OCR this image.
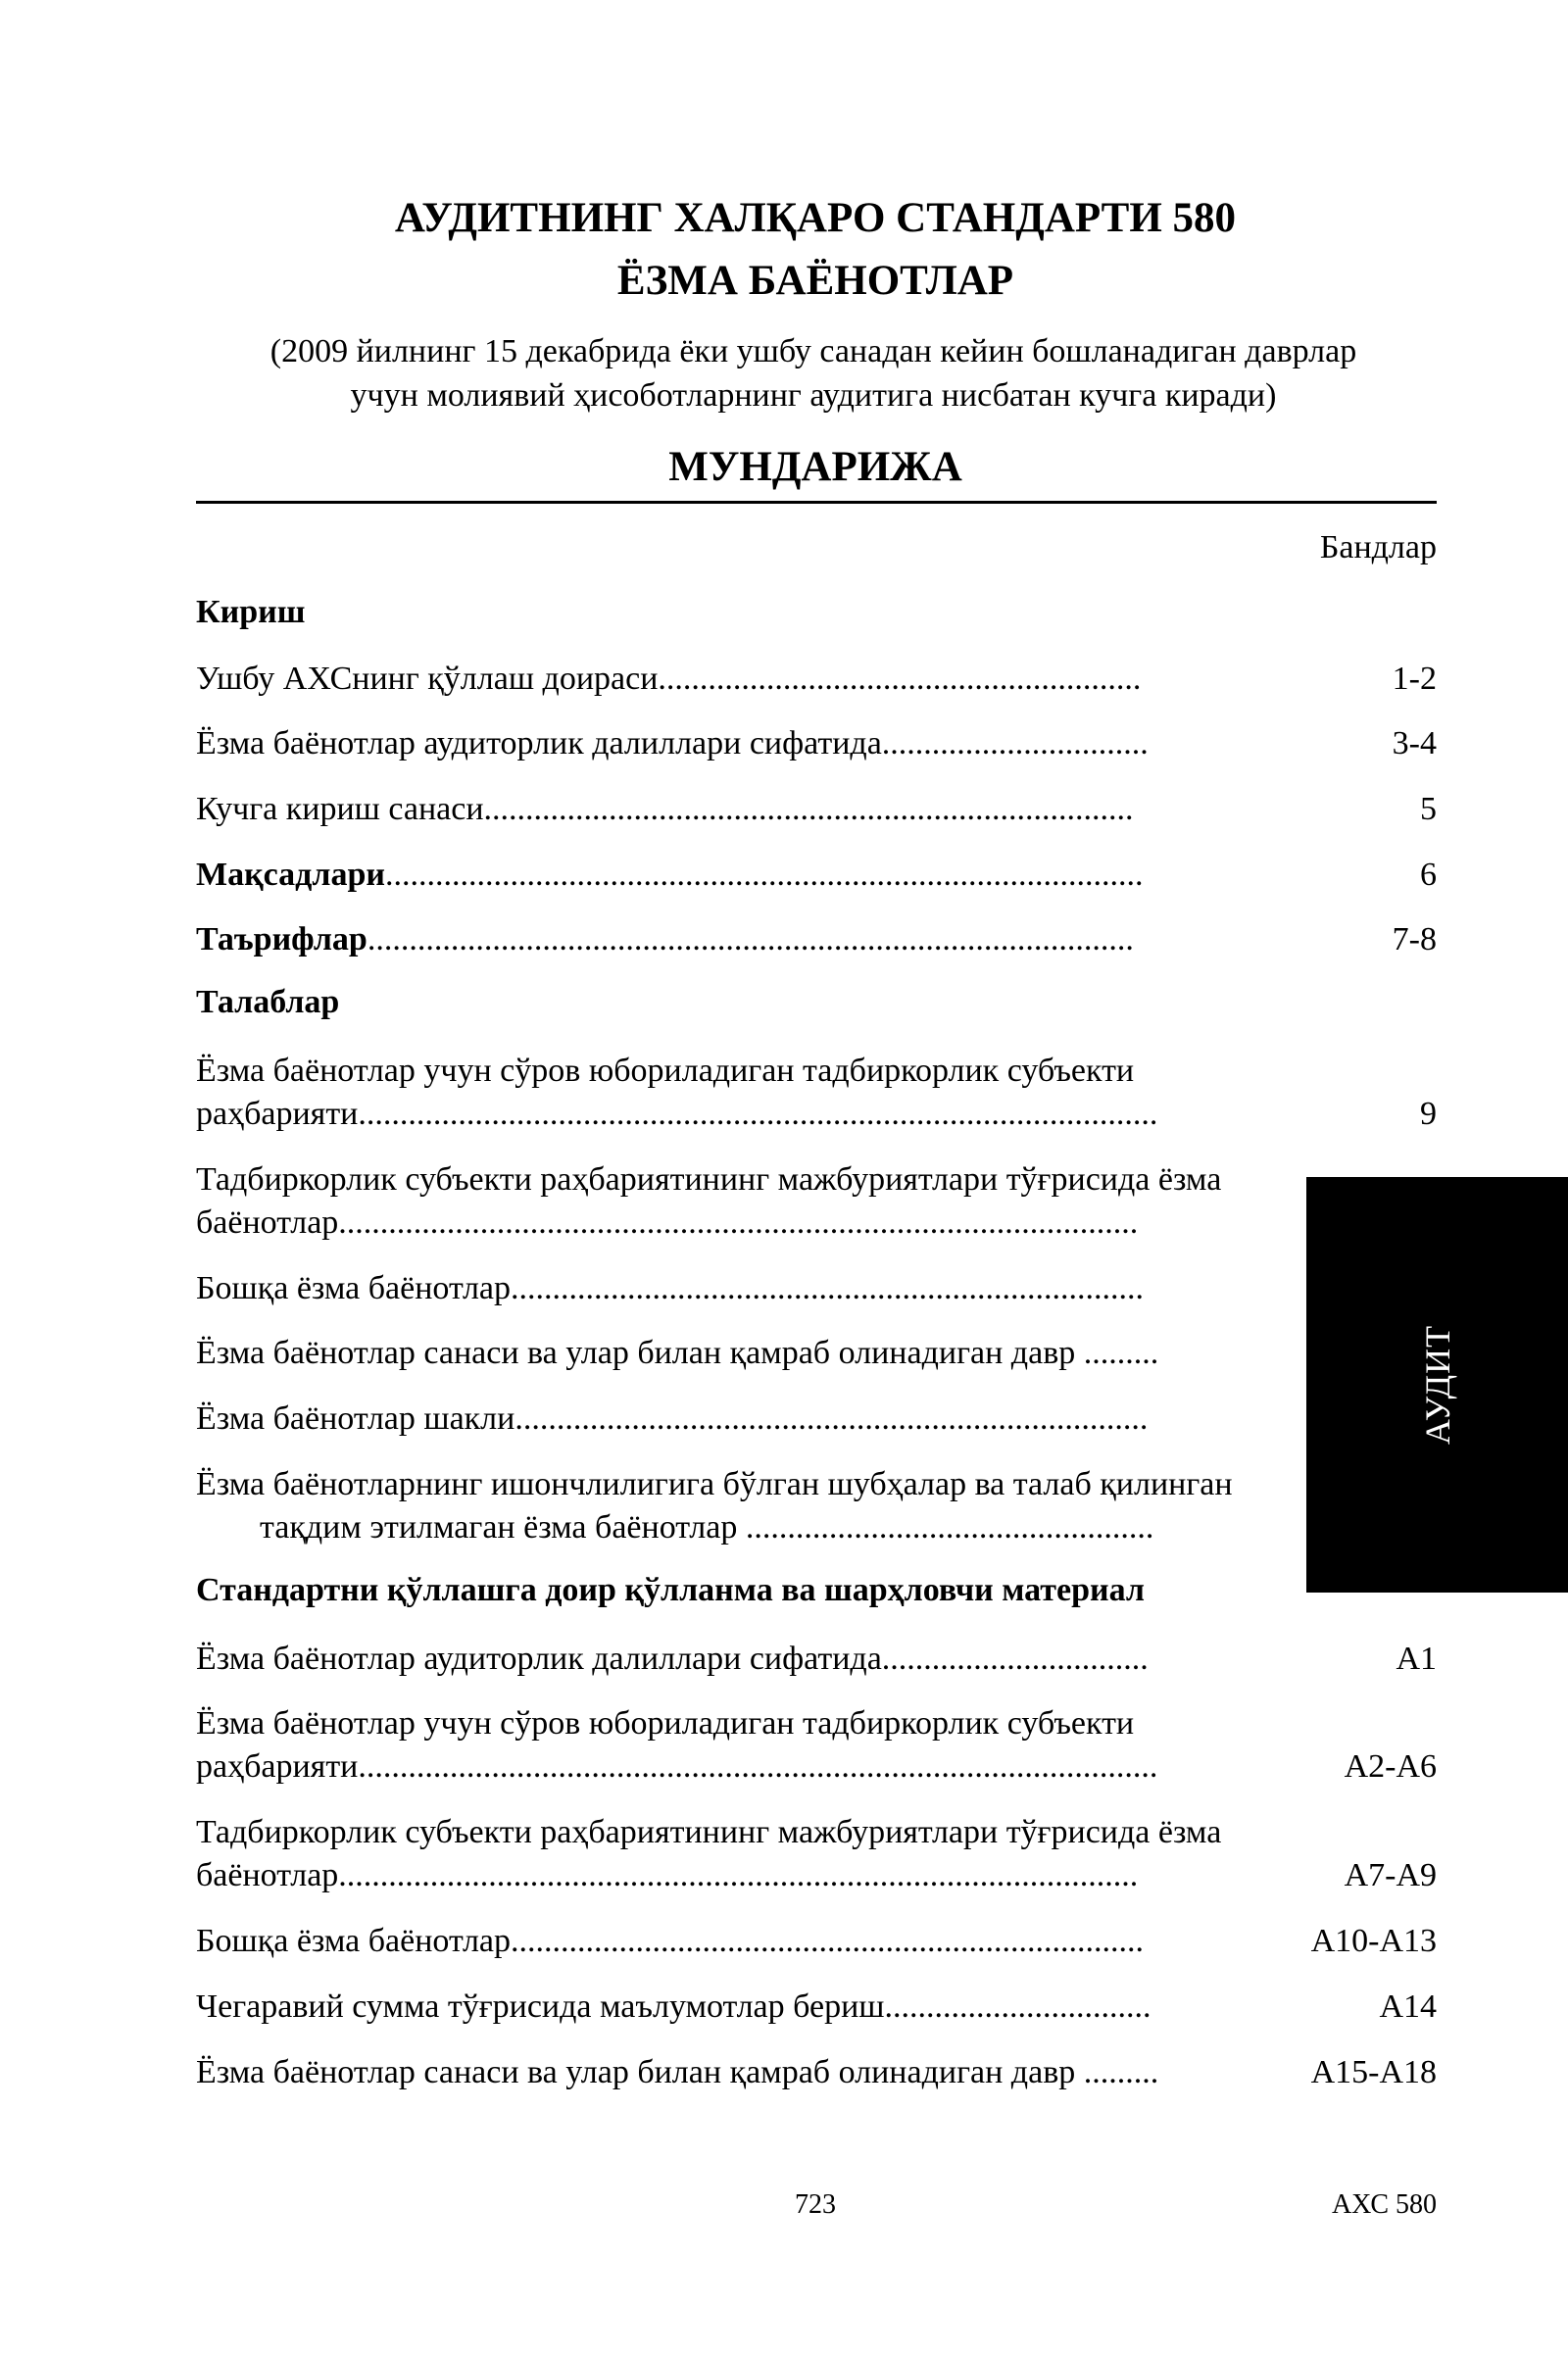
АУДИТНИНГ ХАЛҚАРО СТАНДАРТИ 580
ЁЗМА БАЁНОТЛАР
(2009 йилнинг 15 декабрида ёки ушбу санадан кейин бошланадиган даврлар
учун молиявий ҳисоботларнинг аудитига нисбатан кучга киради)
МУНДАРИЖА
Бандлар
Кириш
Ушбу АХСнинг қўллаш доираси..........................................................	1-2
Ёзма баёнотлар аудиторлик далиллари сифатида................................	3-4
Кучга кириш санаси..............................................................................	5
Мақсадлари...........................................................................................	6
Таърифлар............................................................................................	7-8
Талаблар
Ёзма баёнотлар учун сўров юбориладиган тадбиркорлик субъекти
раҳбарияти................................................................................................	9
Тадбиркорлик субъекти раҳбариятининг мажбуриятлари тўғрисида ёзма
баёнотлар................................................................................................
Бошқа ёзма баёнотлар............................................................................
Ёзма баёнотлар санаси ва улар билан қамраб олинадиган давр .........
Ёзма баёнотлар шакли............................................................................
Ёзма баёнотларнинг ишончлилигига бўлган шубҳалар ва талаб қилинган
тақдим этилмаган ёзма баёнотлар .................................................
Стандартни қўллашга доир қўлланма ва шарҳловчи материал
Ёзма баёнотлар аудиторлик далиллари сифатида................................	A1
Ёзма баёнотлар учун сўров юбориладиган тадбиркорлик субъекти
раҳбарияти................................................................................................	A2-A6
Тадбиркорлик субъекти раҳбариятининг мажбуриятлари тўғрисида ёзма
баёнотлар................................................................................................	A7-A9
Бошқа ёзма баёнотлар............................................................................	A10-A13
Чегаравий сумма тўғрисида маълумотлар бериш................................	A14
Ёзма баёнотлар санаси ва улар билан қамраб олинадиган давр .........	A15-A18
АУДИТ
723	АХС 580
